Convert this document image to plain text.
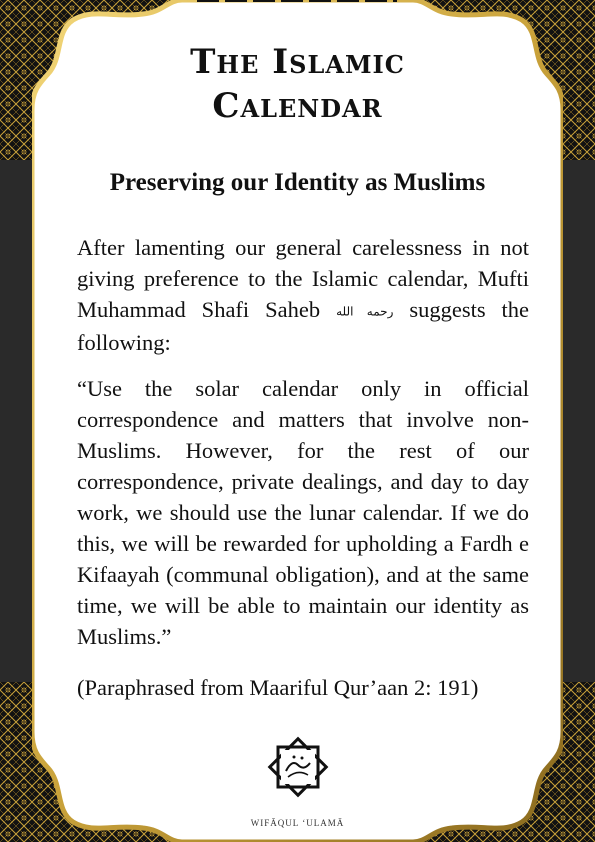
The Islamic
Calendar
Preserving our Identity as Muslims

After lamenting our general carelessness in not giving preference to the Islamic calendar, Mufti Muhammad Shafi Saheb رحمه الله suggests the following:

“Use the solar calendar only in official correspondence and matters that involve non-Muslims. However, for the rest of our correspondence, private dealings, and day to day work, we should use the lunar calendar. If we do this, we will be rewarded for upholding a Fardh e Kifaayah (communal obligation), and at the same time, we will be able to maintain our identity as Muslims.”

(Paraphrased from Maariful Qur’aan 2: 191)

WIFĀQUL ‘ULAMĀ
